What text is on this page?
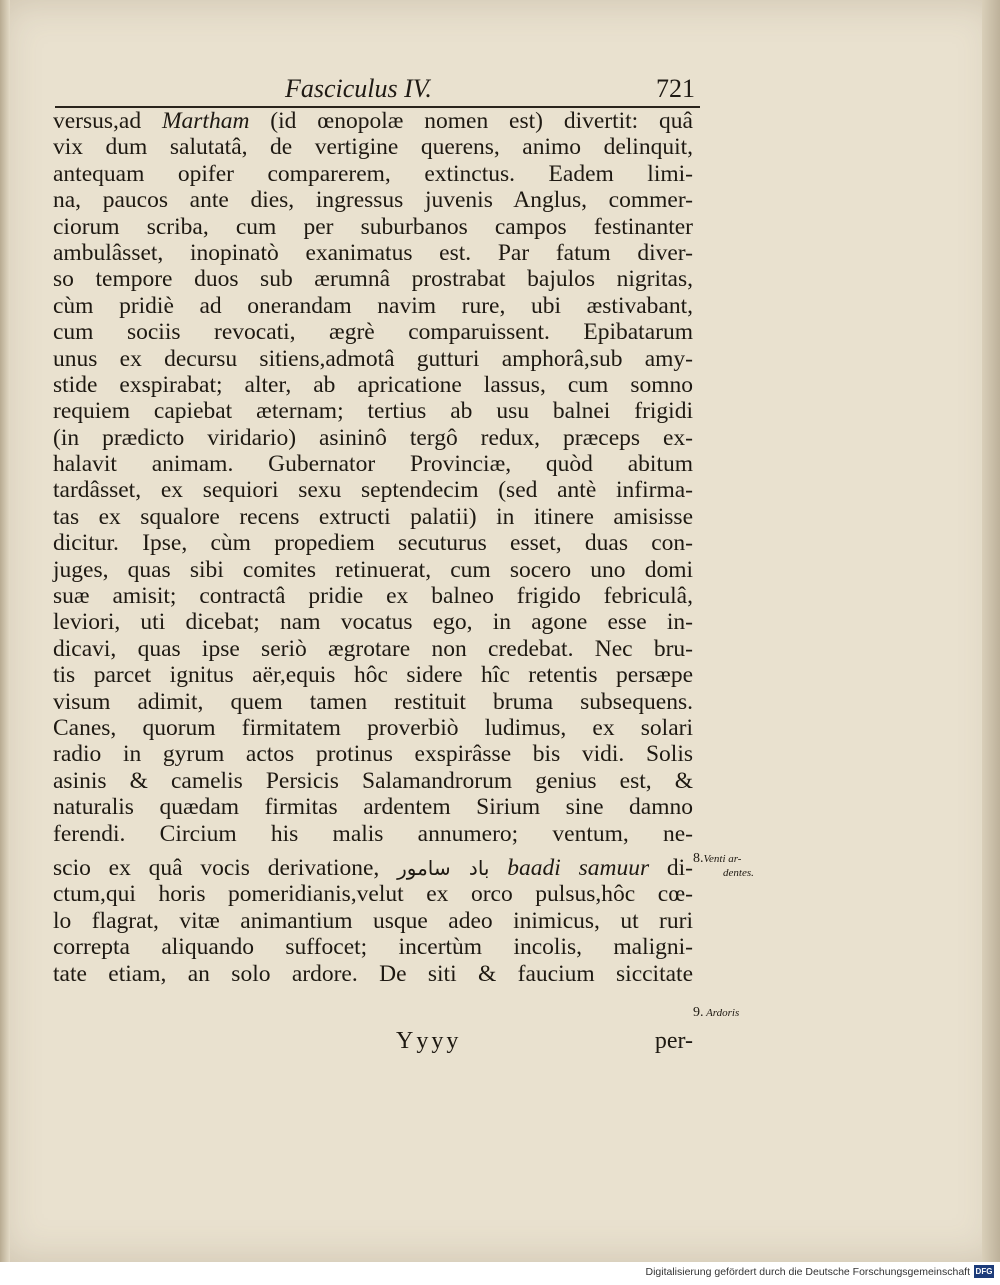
Fasciculus IV.	721
versus,ad Martham (id œnopolæ nomen est) divertit: quâ
vix dum salutatâ, de vertigine querens, animo delinquit,
antequam opifer comparerem, extinctus. Eadem limi-
na, paucos ante dies, ingressus juvenis Anglus, commer-
ciorum scriba, cum per suburbanos campos festinanter
ambulâsset, inopinatò exanimatus est. Par fatum diver-
so tempore duos sub ærumnâ prostrabat bajulos nigritas,
cùm pridiè ad onerandam navim rure, ubi æstivabant,
cum sociis revocati, ægrè comparuissent. Epibatarum
unus ex decursu sitiens,admotâ gutturi amphorâ,sub amy-
stide exspirabat; alter, ab apricatione lassus, cum somno
requiem capiebat æternam; tertius ab usu balnei frigidi
(in prædicto viridario) asininô tergô redux, præceps ex-
halavit animam. Gubernator Provinciæ, quòd abitum
tardâsset, ex sequiori sexu septendecim (sed antè infirma-
tas ex squalore recens extructi palatii) in itinere amisisse
dicitur. Ipse, cùm propediem secuturus esset, duas con-
juges, quas sibi comites retinuerat, cum socero uno domi
suæ amisit; contractâ pridie ex balneo frigido febriculâ,
leviori, uti dicebat; nam vocatus ego, in agone esse in-
dicavi, quas ipse seriò ægrotare non credebat. Nec bru-
tis parcet ignitus aër,equis hôc sidere hîc retentis persæpe
visum adimit, quem tamen restituit bruma subsequens.
Canes, quorum firmitatem proverbiò ludimus, ex solari
radio in gyrum actos protinus exspirâsse bis vidi. Solis
asinis & camelis Persicis Salamandrorum genius est, &
naturalis quædam firmitas ardentem Sirium sine damno
ferendi. Circium his malis annumero; ventum, ne-
scio ex quâ vocis derivatione, باد سامور baadi samuur di-
ctum,qui horis pomeridianis,velut ex orco pulsus,hôc cœ-
lo flagrat, vitæ animantium usque adeo inimicus, ut ruri
correpta aliquando suffocet; incertùm incolis, maligni-
tate etiam, an solo ardore. De siti & faucium siccitate
8.Venti ar-
dentes.
9. Ardoris
Yyyy	per-
Digitalisierung gefördert durch die Deutsche Forschungsgemeinschaft DFG
